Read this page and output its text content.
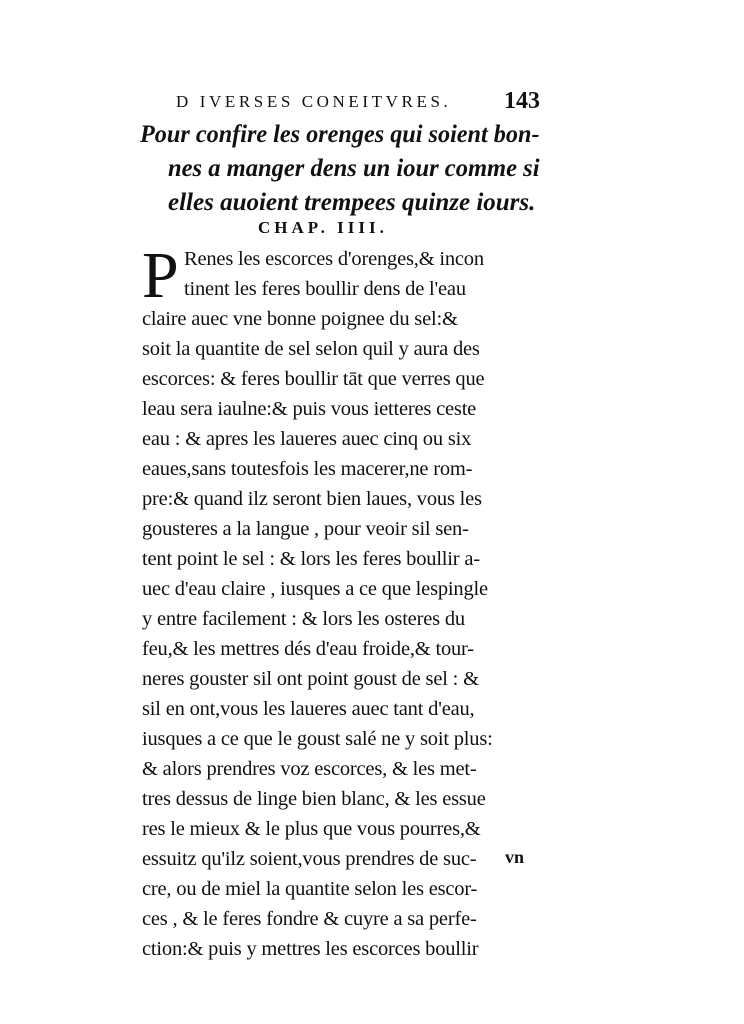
D IVERSES CONEITVRES.	143
Pour confire les orenges qui soient bon-
nes a manger dens un iour comme si
elles auoient trempees quinze iours.
CHAP. IIII.
P Renes les escorces d'orenges,& incon
tinent les feres boullir dens de l'eau
claire auec vne bonne poignee du sel:&
soit la quantite de sel selon quil y aura des
escorces: & feres boullir tāt que verres que
leau sera iaulne:& puis vous ietteres ceste
eau : & apres les laueres auec cinq ou six
eaues,sans toutesfois les macerer,ne rom-
pre:& quand ilz seront bien laues, vous les
gousteres a la langue , pour veoir sil sen-
tent point le sel : & lors les feres boullir a-
uec d'eau claire , iusques a ce que lespingle
y entre facilement : & lors les osteres du
feu,& les mettres dés d'eau froide,& tour-
neres gouster sil ont point goust de sel : &
sil en ont,vous les laueres auec tant d'eau,
iusques a ce que le goust salé ne y soit plus:
& alors prendres voz escorces, & les met-
tres dessus de linge bien blanc, & les essue
res le mieux & le plus que vous pourres,&
essuitz qu'ilz soient,vous prendres de suc-
cre, ou de miel la quantite selon les escor-
ces , & le feres fondre & cuyre a sa perfe-
ction:& puis y mettres les escorces boullir
vn
